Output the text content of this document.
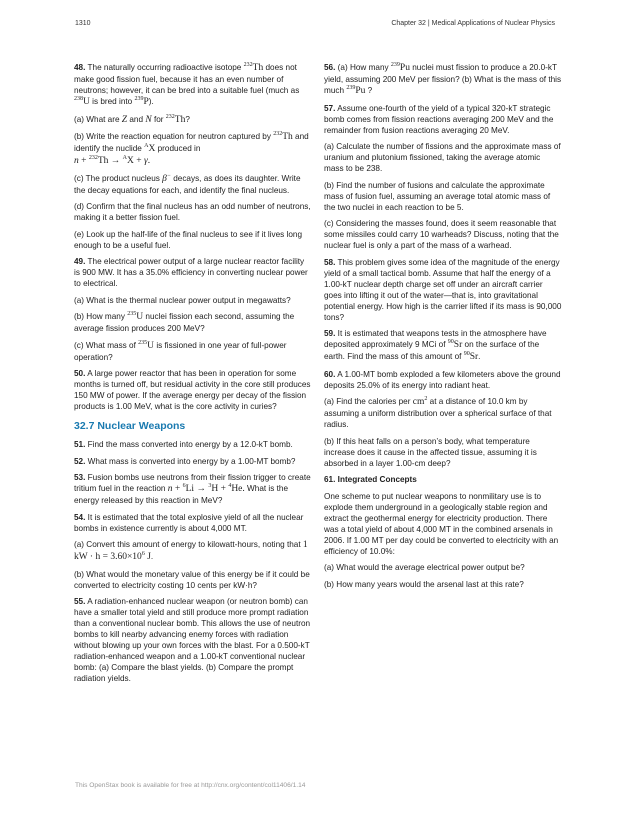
1310	Chapter 32 | Medical Applications of Nuclear Physics

48. The naturally occurring radioactive isotope $^{232}$Th does not make good fission fuel, because it has an even number of neutrons; however, it can be bred into a suitable fuel (much as $^{238}$U is bred into $^{239}$P).

(a) What are Z and N for $^{232}$Th?

(b) Write the reaction equation for neutron captured by $^{232}$Th and identify the nuclide $^A$X produced in
n + $^{232}$Th → $^A$X + γ.

(c) The product nucleus β− decays, as does its daughter. Write the decay equations for each, and identify the final nucleus.

(d) Confirm that the final nucleus has an odd number of neutrons, making it a better fission fuel.

(e) Look up the half-life of the final nucleus to see if it lives long enough to be a useful fuel.

49. The electrical power output of a large nuclear reactor facility is 900 MW. It has a 35.0% efficiency in converting nuclear power to electrical.

(a) What is the thermal nuclear power output in megawatts?

(b) How many $^{235}$U nuclei fission each second, assuming the average fission produces 200 MeV?

(c) What mass of $^{235}$U is fissioned in one year of full-power operation?

50. A large power reactor that has been in operation for some months is turned off, but residual activity in the core still produces 150 MW of power. If the average energy per decay of the fission products is 1.00 MeV, what is the core activity in curies?

32.7 Nuclear Weapons

51. Find the mass converted into energy by a 12.0-kT bomb.

52. What mass is converted into energy by a 1.00-MT bomb?

53. Fusion bombs use neutrons from their fission trigger to create tritium fuel in the reaction n + $^6$Li → $^3$H + $^4$He. What is the energy released by this reaction in MeV?

54. It is estimated that the total explosive yield of all the nuclear bombs in existence currently is about 4,000 MT.

(a) Convert this amount of energy to kilowatt-hours, noting that 1 kW · $h = 3.60\times 10^6$ J.

(b) What would the monetary value of this energy be if it could be converted to electricity costing 10 cents per kW·h?

55. A radiation-enhanced nuclear weapon (or neutron bomb) can have a smaller total yield and still produce more prompt radiation than a conventional nuclear bomb. This allows the use of neutron bombs to kill nearby advancing enemy forces with radiation without blowing up your own forces with the blast. For a 0.500-kT radiation-enhanced weapon and a 1.00-kT conventional nuclear bomb: (a) Compare the blast yields. (b) Compare the prompt radiation yields.

56. (a) How many $^{239}$Pu nuclei must fission to produce a 20.0-kT yield, assuming 200 MeV per fission? (b) What is the mass of this much $^{239}$Pu ?

57. Assume one-fourth of the yield of a typical 320-kT strategic bomb comes from fission reactions averaging 200 MeV and the remainder from fusion reactions averaging 20 MeV.

(a) Calculate the number of fissions and the approximate mass of uranium and plutonium fissioned, taking the average atomic mass to be 238.

(b) Find the number of fusions and calculate the approximate mass of fusion fuel, assuming an average total atomic mass of the two nuclei in each reaction to be 5.

(c) Considering the masses found, does it seem reasonable that some missiles could carry 10 warheads? Discuss, noting that the nuclear fuel is only a part of the mass of a warhead.

58. This problem gives some idea of the magnitude of the energy yield of a small tactical bomb. Assume that half the energy of a 1.00-kT nuclear depth charge set off under an aircraft carrier goes into lifting it out of the water—that is, into gravitational potential energy. How high is the carrier lifted if its mass is 90,000 tons?

59. It is estimated that weapons tests in the atmosphere have deposited approximately 9 MCi of $^{90}$Sr on the surface of the earth. Find the mass of this amount of $^{90}$Sr.

60. A 1.00-MT bomb exploded a few kilometers above the ground deposits 25.0% of its energy into radiant heat.

(a) Find the calories per $cm^2$ at a distance of 10.0 km by assuming a uniform distribution over a spherical surface of that radius.

(b) If this heat falls on a person’s body, what temperature increase does it cause in the affected tissue, assuming it is absorbed in a layer 1.00-cm deep?

61. Integrated Concepts

One scheme to put nuclear weapons to nonmilitary use is to explode them underground in a geologically stable region and extract the geothermal energy for electricity production. There was a total yield of about 4,000 MT in the combined arsenals in 2006. If 1.00 MT per day could be converted to electricity with an efficiency of 10.0%:

(a) What would the average electrical power output be?

(b) How many years would the arsenal last at this rate?

This OpenStax book is available for free at http://cnx.org/content/col11406/1.14
